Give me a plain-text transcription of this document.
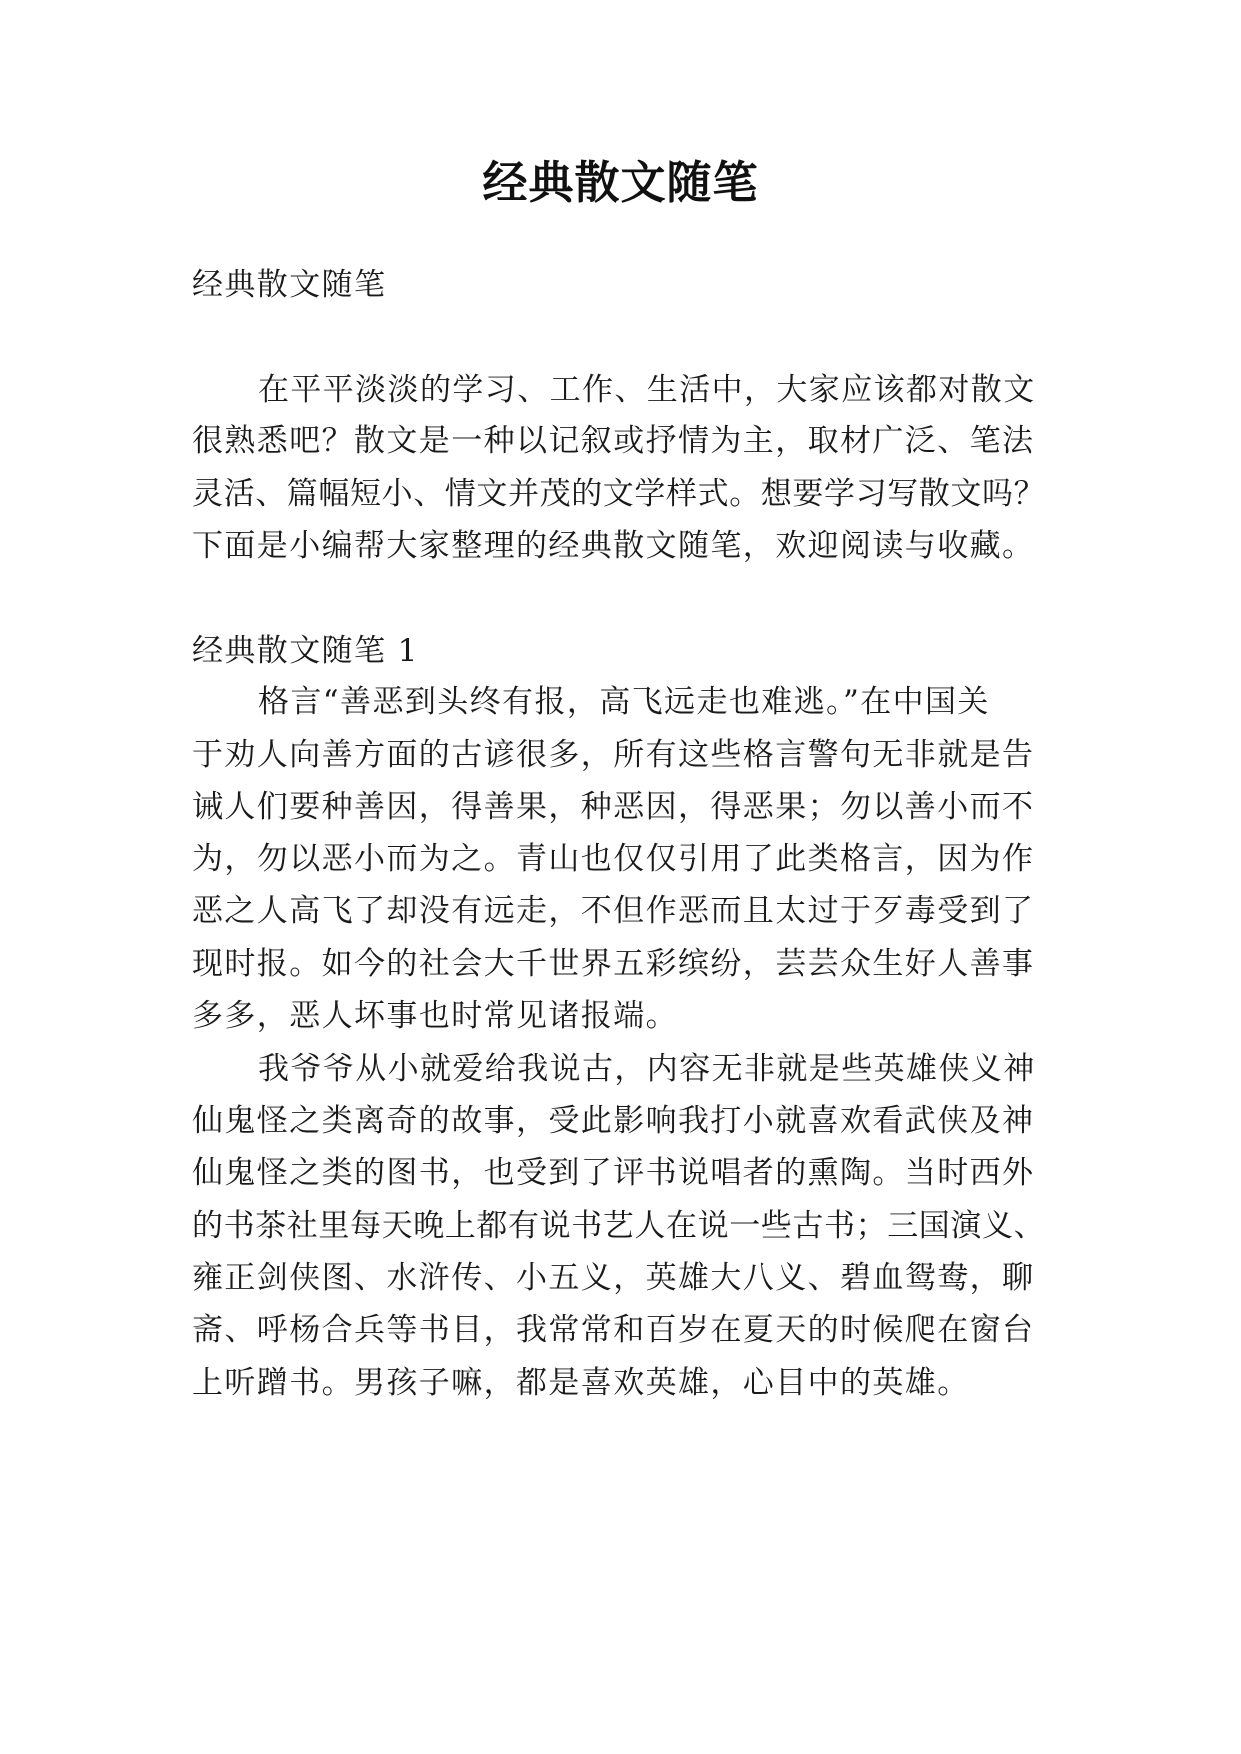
经典散文随笔
经典散文随笔
在平平淡淡的学习、工作、生活中，大家应该都对散文
很熟悉吧？散文是一种以记叙或抒情为主，取材广泛、笔法
灵活、篇幅短小、情文并茂的文学样式。想要学习写散文吗？
下面是小编帮大家整理的经典散文随笔，欢迎阅读与收藏。
经典散文随笔 1
格言“善恶到头终有报，高飞远走也难逃。”在中国关
于劝人向善方面的古谚很多，所有这些格言警句无非就是告
诫人们要种善因，得善果，种恶因，得恶果；勿以善小而不
为，勿以恶小而为之。青山也仅仅引用了此类格言，因为作
恶之人高飞了却没有远走，不但作恶而且太过于歹毒受到了
现时报。如今的社会大千世界五彩缤纷，芸芸众生好人善事
多多，恶人坏事也时常见诸报端。
我爷爷从小就爱给我说古，内容无非就是些英雄侠义神
仙鬼怪之类离奇的故事，受此影响我打小就喜欢看武侠及神
仙鬼怪之类的图书，也受到了评书说唱者的熏陶。当时西外
的书茶社里每天晚上都有说书艺人在说一些古书；三国演义、
雍正剑侠图、水浒传、小五义，英雄大八义、碧血鸳鸯，聊
斋、呼杨合兵等书目，我常常和百岁在夏天的时候爬在窗台
上听蹭书。男孩子嘛，都是喜欢英雄，心目中的英雄。
